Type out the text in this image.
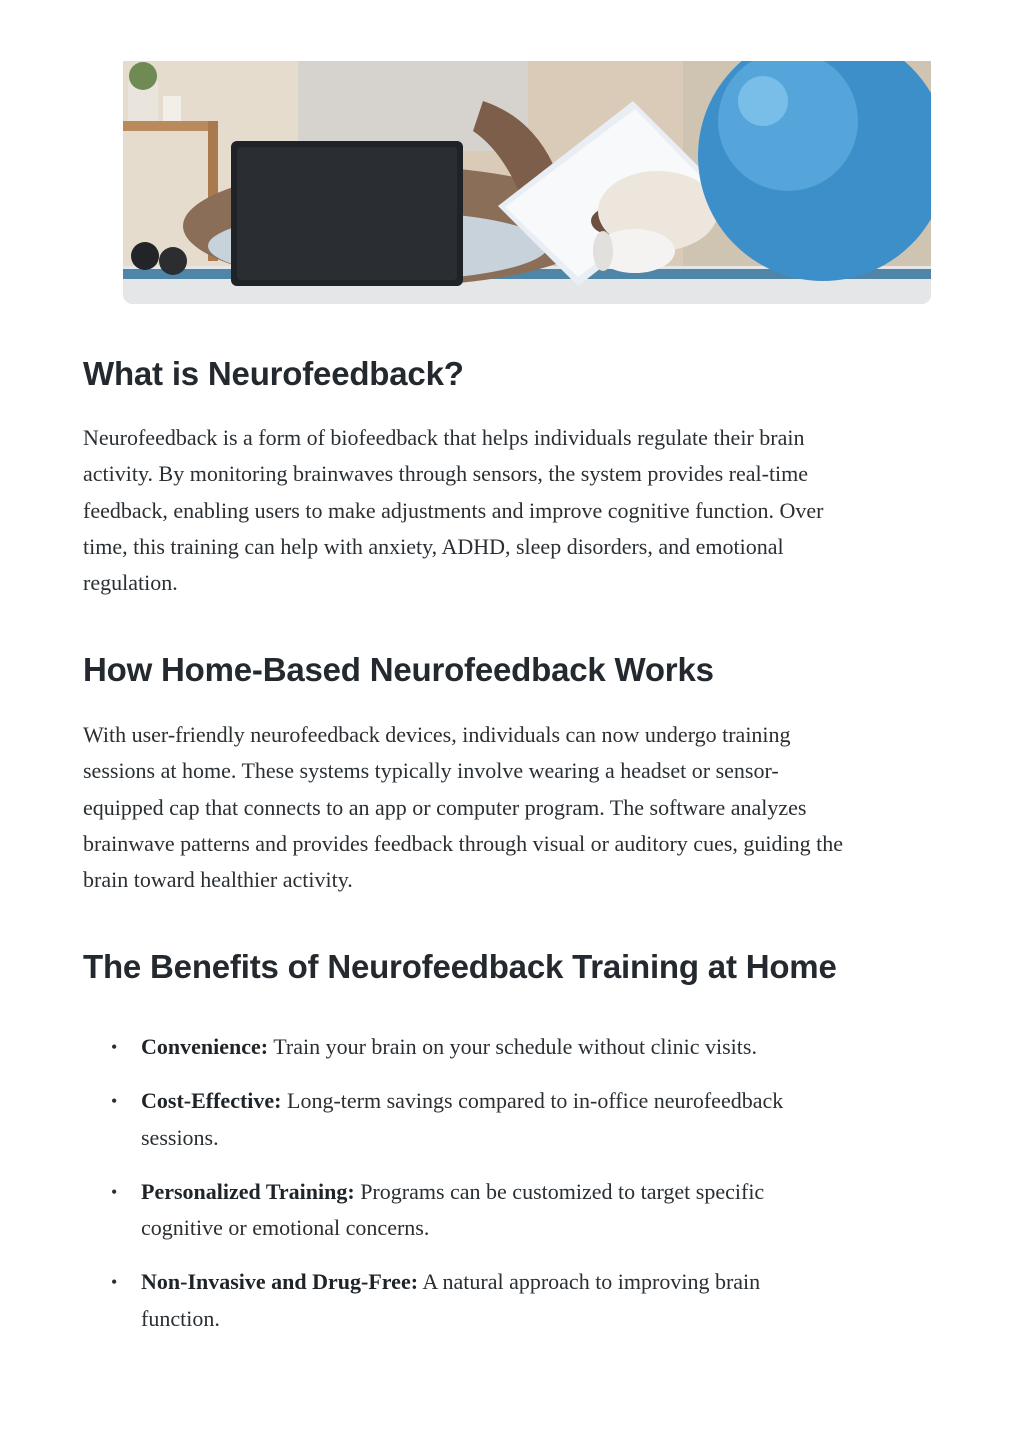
What is Neurofeedback?

Neurofeedback is a form of biofeedback that helps individuals regulate their brain
activity. By monitoring brainwaves through sensors, the system provides real-time
feedback, enabling users to make adjustments and improve cognitive function. Over
time, this training can help with anxiety, ADHD, sleep disorders, and emotional
regulation.

How Home-Based Neurofeedback Works

With user-friendly neurofeedback devices, individuals can now undergo training
sessions at home. These systems typically involve wearing a headset or sensor-
equipped cap that connects to an app or computer program. The software analyzes
brainwave patterns and provides feedback through visual or auditory cues, guiding the
brain toward healthier activity.

The Benefits of Neurofeedback Training at Home
• Convenience: Train your brain on your schedule without clinic visits.
• Cost-Effective: Long-term savings compared to in-office neurofeedback
sessions.
• Personalized Training: Programs can be customized to target specific
cognitive or emotional concerns.
• Non-Invasive and Drug-Free: A natural approach to improving brain
function.
